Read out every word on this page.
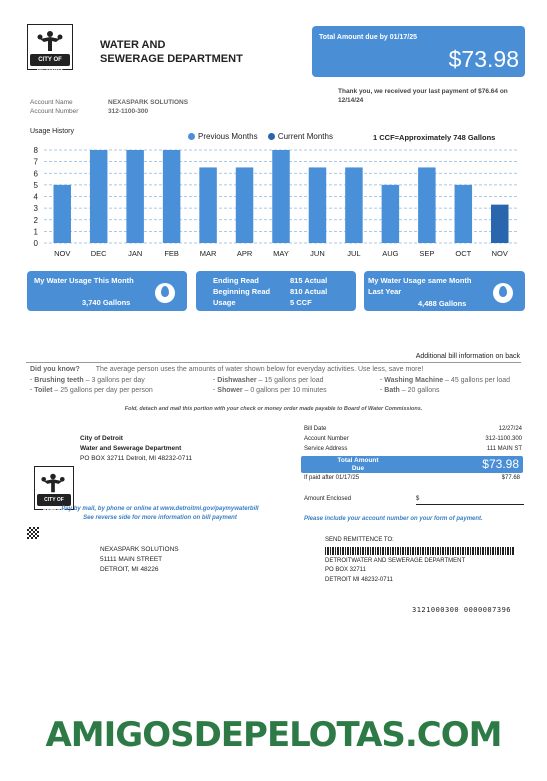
CITY OF DETROIT
WATER AND
SEWERAGE DEPARTMENT
Total Amount due by 01/17/25
$73.98
Thank you, we received your last payment of $76.64 on 12/14/24
Account Name	NEXASPARK SOLUTIONS
Account Number	312-1100-300
Usage History
Previous Months	Current Months	1 CCF=Approximately 748 Gallons
0
1
2
3
4
5
6
7
8
NOV	DEC	JAN	FEB	MAR	APR	MAY	JUN	JUL	AUG	SEP	OCT	NOV
My Water Usage This Month
3,740 Gallons
Ending Read	815 Actual
Beginning Read	810 Actual
Usage	5 CCF
My Water Usage same Month
Last Year
4,488 Gallons
Additional bill information on back
Did you know? The average person uses the amounts of water shown below for everyday activities. Use less, save more!
· Brushing teeth – 3 gallons per day	· Dishwasher – 15 gallons per load	· Washing Machine – 45 gallons per load
· Toilet – 25 gallons per day per person	· Shower – 0 gallons per 10 minutes	· Bath – 20 gallons
Fold, detach and mail this portion with your check or money order made payable to Board of Water Commissions.
CITY OF DETROIT
City of Detroit
Water and Sewerage Department
PO BOX 32711 Detroit, MI 48232-0711
Pay by mail, by phone or online at www.detroitmi.gov/paymywaterbill
See reverse side for more information on bill payment
NEXASPARK SOLUTIONS
51111 MAIN STREET
DETROIT, MI 48226
Bill Date	12/27/24
Account Number	312-1100.300
Service Address	111 MAIN ST
Total Amount
Due	$73.98
If paid after 01/17/25	$77.68
Amount Enclosed	$
Please include your account number on your form of payment.
SEND REMITTENCE TO:
DETROITWATER AND SEWERAGE DEPARTMENT
PO BOX 32711
DETROIT MI 48232-0711
3121000300 0000007396
AMIGOSDEPELOTAS.COM
